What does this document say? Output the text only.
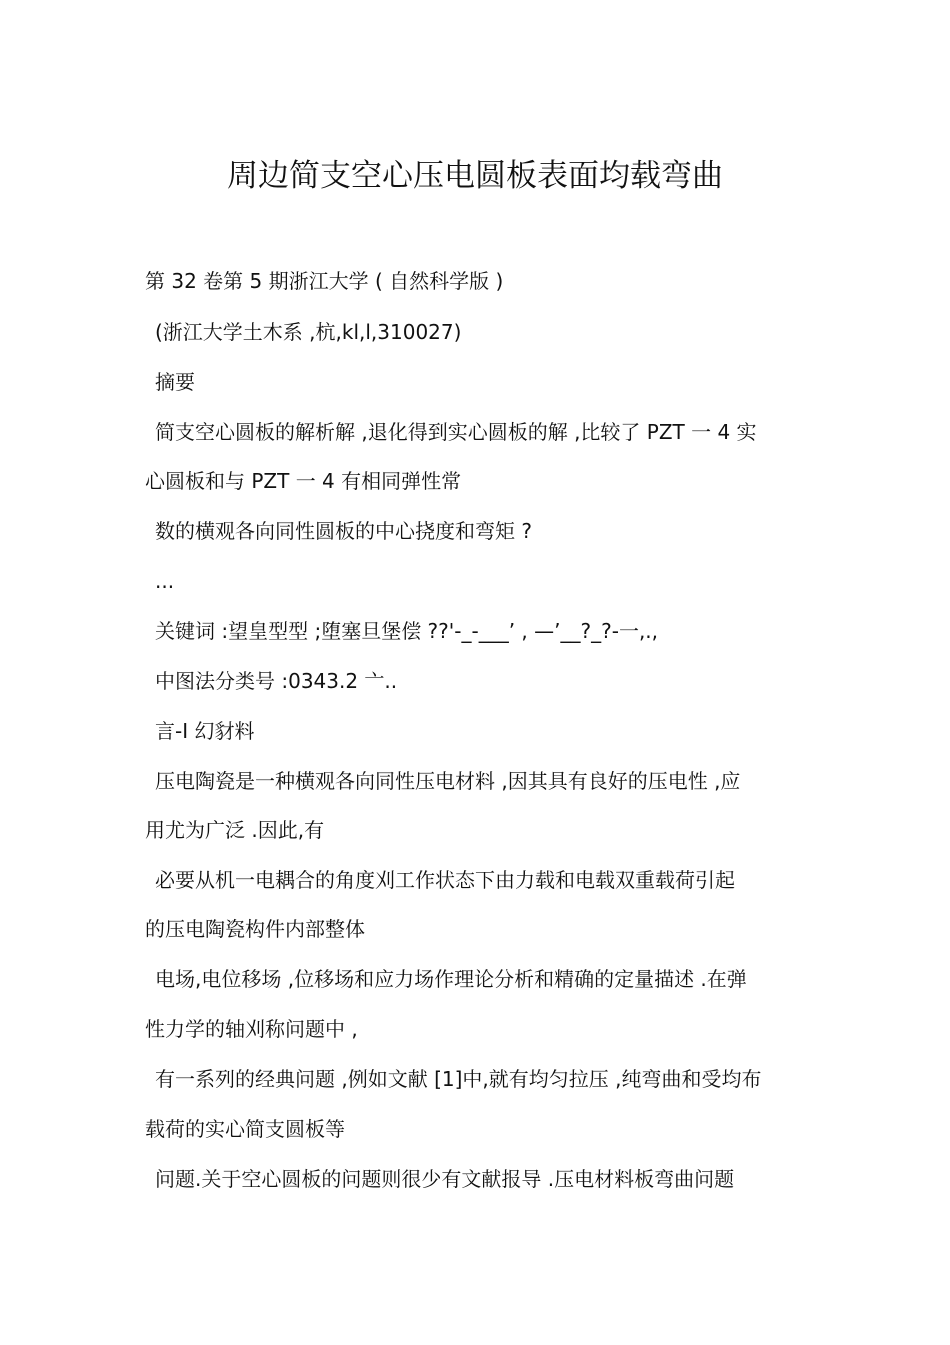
周边简支空心压电圆板表面均载弯曲
第 32 卷第 5 期浙江大学 ( 自然科学版 )
(浙江大学土木系 ,杭,kl,l,310027)
摘要
简支空心圆板的解析解 ,退化得到实心圆板的解 ,比较了 PZT 一 4 实
心圆板和与 PZT 一 4 有相同弹性常
数的横观各向同性圆板的中心挠度和弯矩 ?
...
关键词 :望皇型型 ;堕塞旦堡偿 ??'-_-___’ , —’__?_?-一,.,
中图法分类号 :0343.2 亠..
言-I 幻豺料
压电陶瓷是一种横观各向同性压电材料 ,因其具有良好的压电性 ,应
用尤为广泛 .因此,有
必要从机一电耦合的角度刈工作状态下由力载和电载双重载荷引起
的压电陶瓷构件内部整体
电场,电位移场 ,位移场和应力场作理论分析和精确的定量描述 .在弹
性力学的轴刈称问题中 ,
有一系列的经典问题 ,例如文献 [1]中,就有均匀拉压 ,纯弯曲和受均布
载荷的实心简支圆板等
问题.关于空心圆板的问题则很少有文献报导 .压电材料板弯曲问题
